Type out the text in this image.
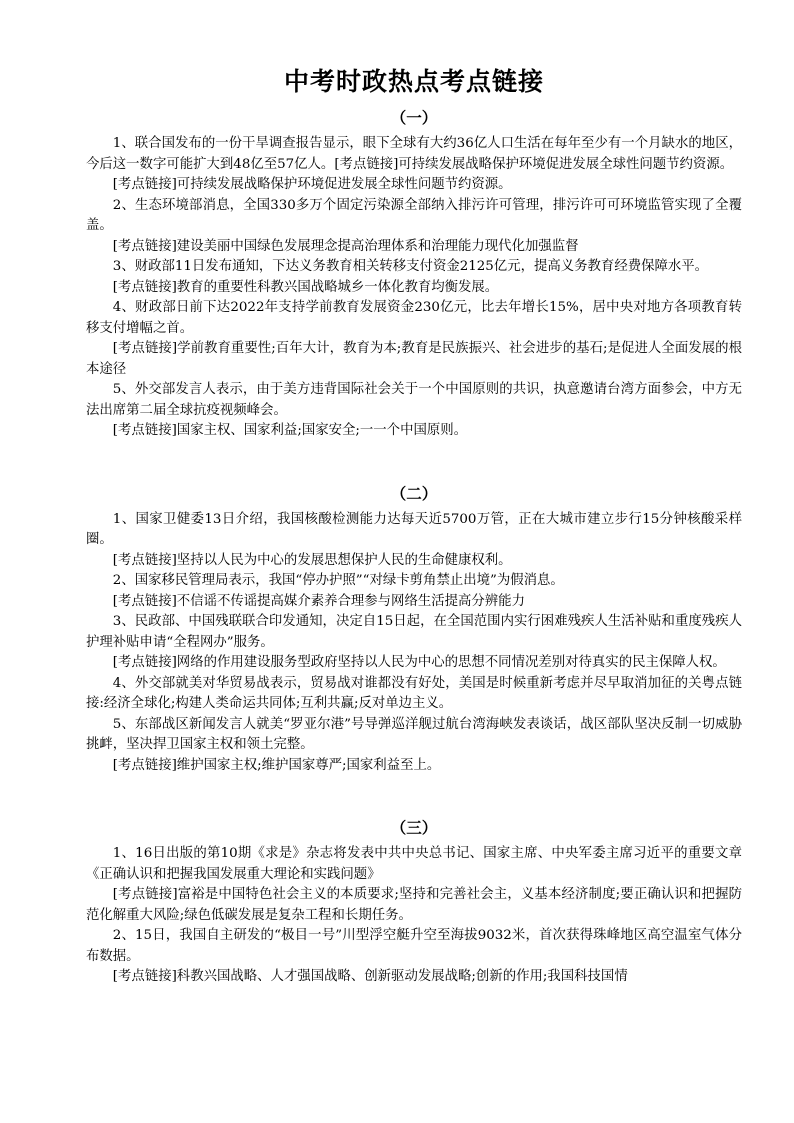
中考时政热点考点链接
（一）

1、联合国发布的一份干旱调查报告显示，眼下全球有大约36亿人口生活在每年至少有一个月缺水的地区，今后这一数字可能扩大到48亿至57亿人。[考点链接]可持续发展战略保护环境促进发展全球性问题节约资源。

[考点链接]可持续发展战略保护环境促进发展全球性问题节约资源。

2、生态环境部消息，全国330多万个固定污染源全部纳入排污许可管理，排污许可可环境监管实现了全覆盖。

[考点链接]建设美丽中国绿色发展理念提高治理体系和治理能力现代化加强监督

3、财政部11日发布通知，下达义务教育相关转移支付资金2125亿元，提高义务教育经费保障水平。

[考点链接]教育的重要性科教兴国战略城乡一体化教育均衡发展。

4、财政部日前下达2022年支持学前教育发展资金230亿元，比去年增长15%，居中央对地方各项教育转移支付增幅之首。

[考点链接]学前教育重要性;百年大计，教育为本;教育是民族振兴、社会进步的基石;是促进人全面发展的根本途径

5、外交部发言人表示，由于美方违背国际社会关于一个中国原则的共识，执意邀请台湾方面参会，中方无法出席第二届全球抗疫视频峰会。

[考点链接]国家主权、国家利益;国家安全;一一个中国原则。

（二）

1、国家卫健委13日介绍，我国核酸检测能力达每天近5700万管，正在大城市建立步行15分钟核酸采样圈。

[考点链接]坚持以人民为中心的发展思想保护人民的生命健康权利。

2、国家移民管理局表示，我国“停办护照”“对绿卡剪角禁止出境”为假消息。

[考点链接]不信谣不传谣提高媒介素养合理参与网络生活提高分辨能力

3、民政部、中国残联联合印发通知，决定自15日起，在全国范围内实行困难残疾人生活补贴和重度残疾人护理补贴申请“全程网办”服务。

[考点链接]网络的作用建设服务型政府坚持以人民为中心的思想不同情况差别对待真实的民主保障人权。

4、外交部就美对华贸易战表示，贸易战对谁都没有好处，美国是时候重新考虑并尽早取消加征的关粤点链接:经济全球化;构建人类命运共同体;互利共赢;反对单边主义。

5、东部战区新闻发言人就美“罗亚尔港”号导弹巡洋舰过航台湾海峡发表谈话，战区部队坚决反制一切威胁挑衅，坚决捍卫国家主权和领土完整。

[考点链接]维护国家主权;维护国家尊严;国家利益至上。

（三）

1、16日出版的第10期《求是》杂志将发表中共中央总书记、国家主席、中央军委主席习近平的重要文章《正确认识和把握我国发展重大理论和实践问题》

[考点链接]富裕是中国特色社会主义的本质要求;坚持和完善社会主，义基本经济制度;要正确认识和把握防范化解重大风险;绿色低碳发展是复杂工程和长期任务。

2、15日，我国自主研发的“极目一号”川型浮空艇升空至海拔9032米，首次获得珠峰地区高空温室气体分布数据。

[考点链接]科教兴国战略、人才强国战略、创新驱动发展战略;创新的作用;我国科技国情
